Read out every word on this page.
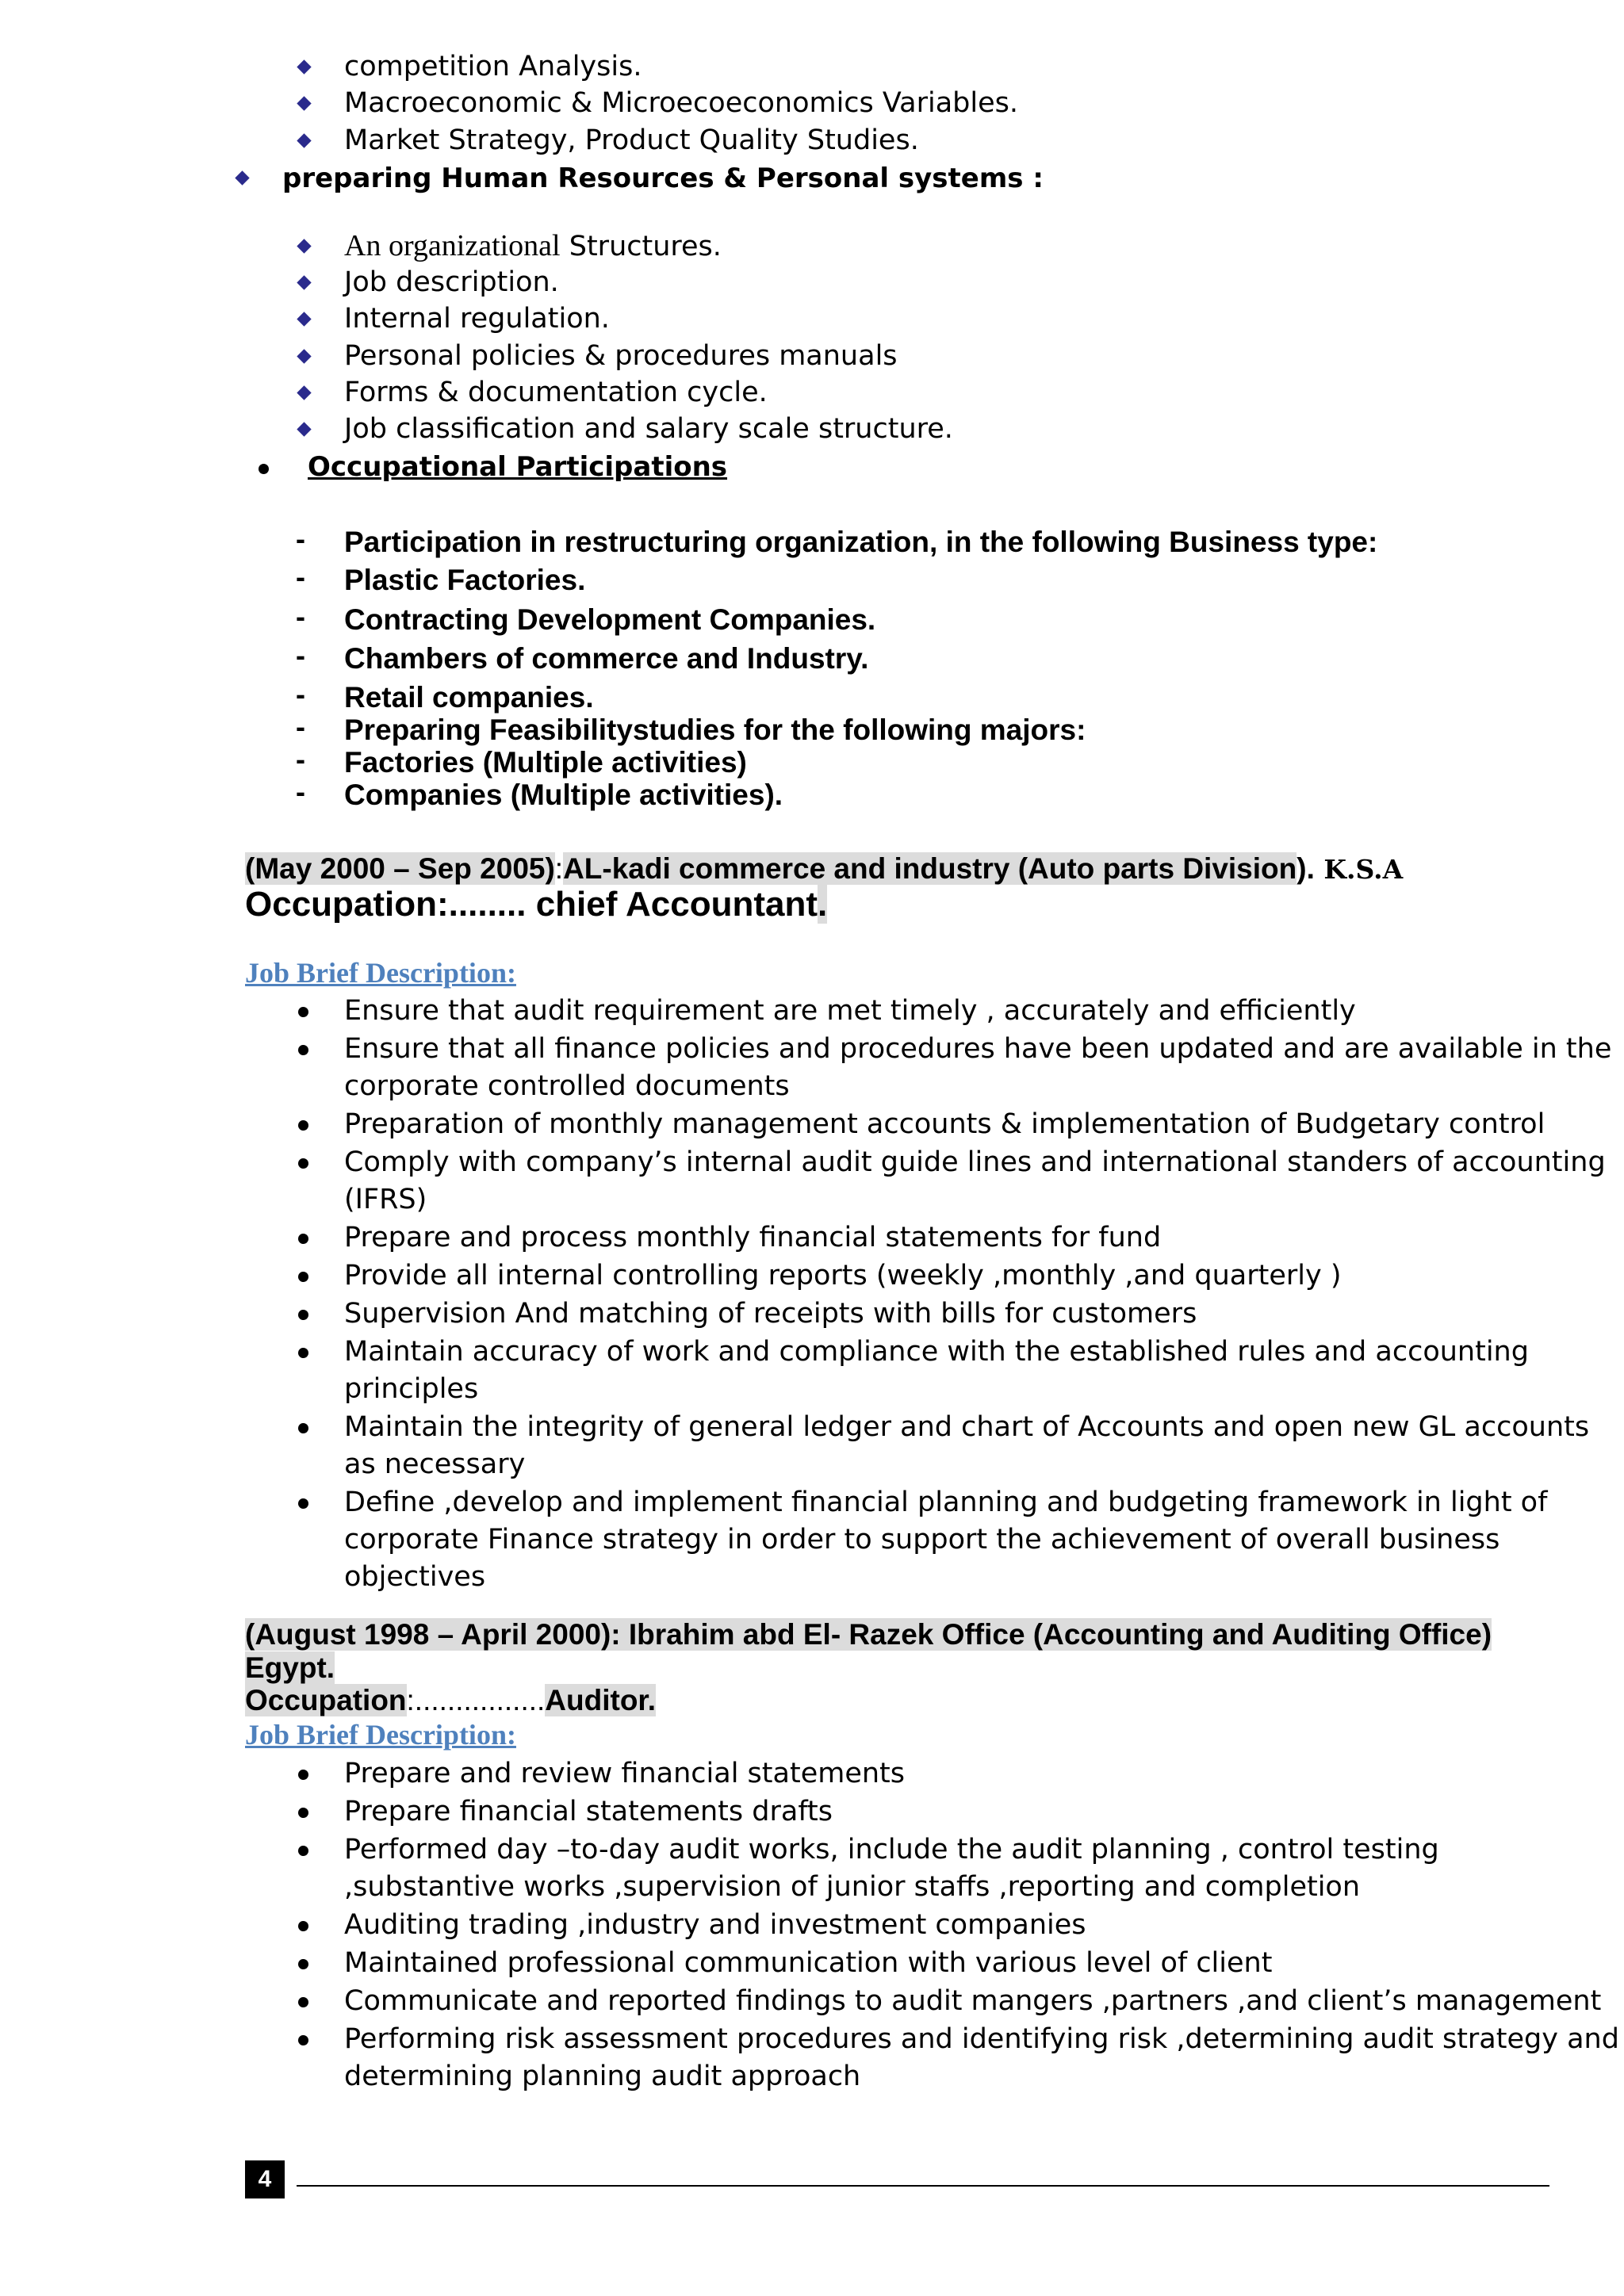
competition Analysis.
Macroeconomic & Microecoeconomics Variables.
Market Strategy, Product Quality Studies.
preparing Human Resources & Personal systems :
An organizational Structures.
Job description.
Internal regulation.
Personal policies & procedures manuals
Forms & documentation cycle.
Job classification and salary scale structure.
Occupational Participations
- Participation in restructuring organization, in the following Business type:
- Plastic Factories.
- Contracting Development Companies.
- Chambers of commerce and Industry.
- Retail companies.
- Preparing Feasibilitystudies for the following majors:
- Factories (Multiple activities)
- Companies (Multiple activities).
(May 2000 – Sep 2005):AL-kadi commerce and industry (Auto parts Division). K.S.A
Occupation:........ chief Accountant.
Job Brief Description:
Ensure that audit requirement are met timely , accurately and efficiently
Ensure that all finance policies and procedures have been updated and are available in the
corporate controlled documents
Preparation of monthly management accounts & implementation of Budgetary control
Comply with company’s internal audit guide lines and international standers of accounting
(IFRS)
Prepare and process monthly financial statements for fund
Provide all internal controlling reports (weekly ,monthly ,and quarterly )
Supervision And matching of receipts with bills for customers
Maintain accuracy of work and compliance with the established rules and accounting
principles
Maintain the integrity of general ledger and chart of Accounts and open new GL accounts
as necessary
Define ,develop and implement financial planning and budgeting framework in light of
corporate Finance strategy in order to support the achievement of overall business
objectives
(August 1998 – April 2000): Ibrahim abd El- Razek Office (Accounting and Auditing Office)
Egypt.
Occupation:................Auditor.
Job Brief Description:
Prepare and review financial statements
Prepare financial statements drafts
Performed day –to-day audit works, include the audit planning , control testing
,substantive works ,supervision of junior staffs ,reporting and completion
Auditing trading ,industry and investment companies
Maintained professional communication with various level of client
Communicate and reported findings to audit mangers ,partners ,and client’s management
Performing risk assessment procedures and identifying risk ,determining audit strategy and
determining planning audit approach
4
